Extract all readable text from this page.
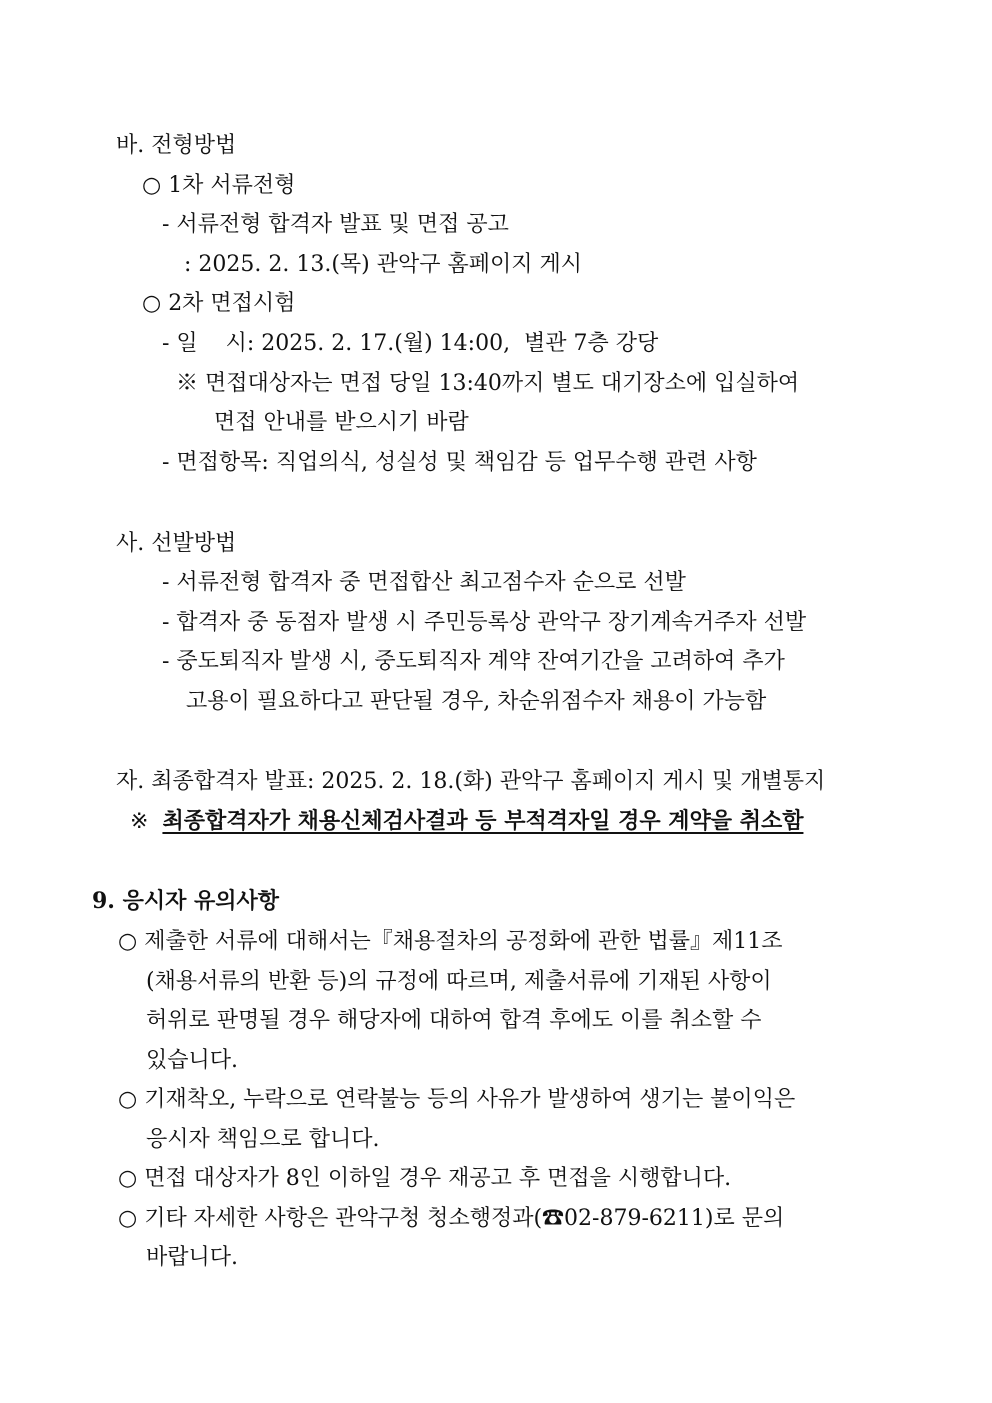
바. 전형방법
○ 1차 서류전형
- 서류전형 합격자 발표 및 면접 공고
: 2025. 2. 13.(목) 관악구 홈페이지 게시
○ 2차 면접시험
- 일    시: 2025. 2. 17.(월) 14:00,  별관 7층 강당
※ 면접대상자는 면접 당일 13:40까지 별도 대기장소에 입실하여
면접 안내를 받으시기 바람
- 면접항목: 직업의식, 성실성 및 책임감 등 업무수행 관련 사항
사. 선발방법
- 서류전형 합격자 중 면접합산 최고점수자 순으로 선발
- 합격자 중 동점자 발생 시 주민등록상 관악구 장기계속거주자 선발
- 중도퇴직자 발생 시, 중도퇴직자 계약 잔여기간을 고려하여 추가
고용이 필요하다고 판단될 경우, 차순위점수자 채용이 가능함
자. 최종합격자 발표: 2025. 2. 18.(화) 관악구 홈페이지 게시 및 개별통지
※ 최종합격자가 채용신체검사결과 등 부적격자일 경우 계약을 취소함
9. 응시자 유의사항
○ 제출한 서류에 대해서는『채용절차의 공정화에 관한 법률』제11조
(채용서류의 반환 등)의 규정에 따르며, 제출서류에 기재된 사항이
허위로 판명될 경우 해당자에 대하여 합격 후에도 이를 취소할 수
있습니다.
○ 기재착오, 누락으로 연락불능 등의 사유가 발생하여 생기는 불이익은
응시자 책임으로 합니다.
○ 면접 대상자가 8인 이하일 경우 재공고 후 면접을 시행합니다.
○ 기타 자세한 사항은 관악구청 청소행정과(☎02-879-6211)로 문의
바랍니다.
